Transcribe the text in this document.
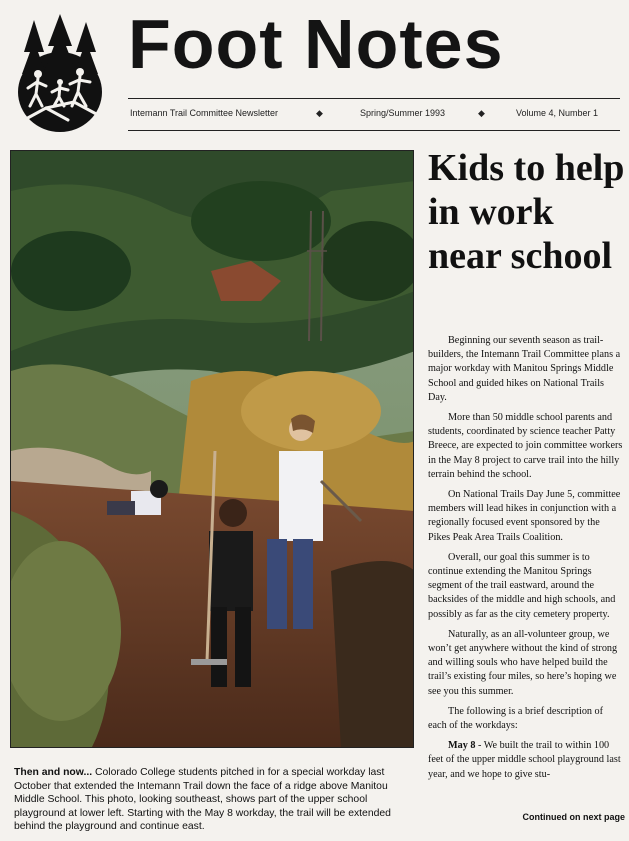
Foot Notes
Intemann Trail Committee Newsletter	◆	Spring/Summer 1993	◆	Volume 4, Number 1
Then and now... Colorado College students pitched in for a special workday last October that extended the Intemann Trail down the face of a ridge above Manitou Middle School. This photo, looking southeast, shows part of the upper school playground at lower left. Starting with the May 8 workday, the trail will be extended behind the playground and continue east.
Kids to help in work near school

Beginning our seventh season as trail-builders, the Intemann Trail Committee plans a major workday with Manitou Springs Middle School and guided hikes on National Trails Day.

More than 50 middle school parents and students, coordinated by science teacher Patty Breece, are expected to join committee workers in the May 8 project to carve trail into the hilly terrain behind the school.

On National Trails Day June 5, committee members will lead hikes in conjunction with a regionally focused event sponsored by the Pikes Peak Area Trails Coalition.

Overall, our goal this summer is to continue extending the Manitou Springs segment of the trail eastward, around the backsides of the middle and high schools, and possibly as far as the city cemetery property.

Naturally, as an all-volunteer group, we won’t get anywhere without the kind of strong and willing souls who have helped build the trail’s existing four miles, so here’s hoping we see you this summer.

The following is a brief description of each of the workdays:

May 8 - We built the trail to within 100 feet of the upper middle school playground last year, and we hope to give stu-

Continued on next page
